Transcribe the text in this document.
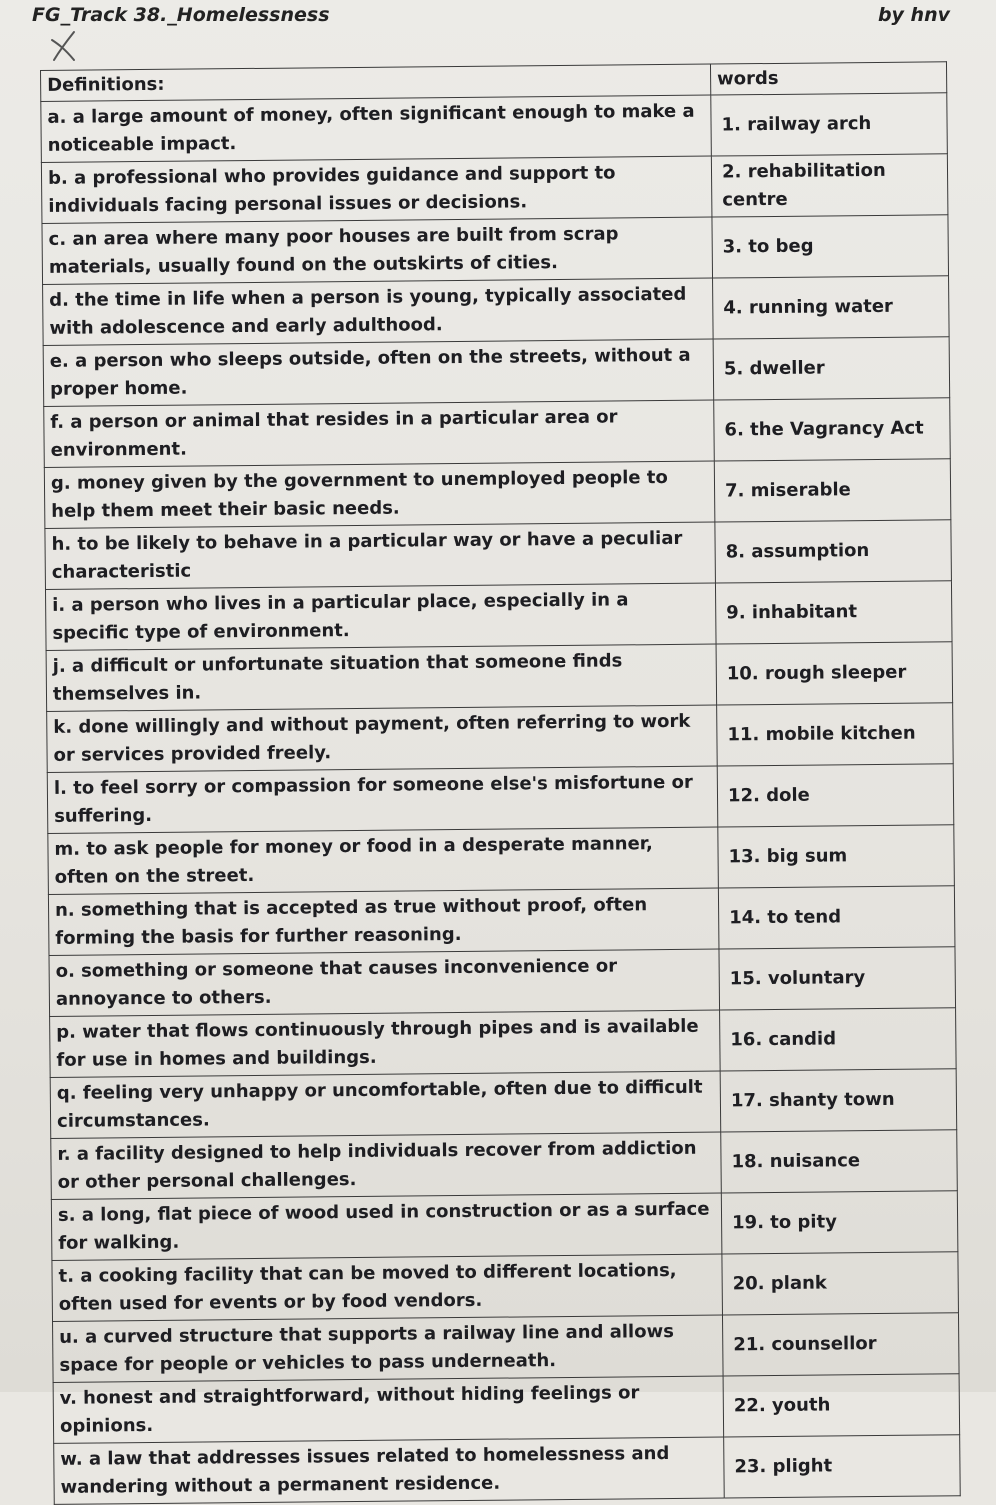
FG_Track 38._Homelessness	by hnv
Definitions:	words
a. a large amount of money, often significant enough to make a noticeable impact.	1. railway arch
b. a professional who provides guidance and support to individuals facing personal issues or decisions.	2. rehabilitation centre
c. an area where many poor houses are built from scrap materials, usually found on the outskirts of cities.	3. to beg
d. the time in life when a person is young, typically associated with adolescence and early adulthood.	4. running water
e. a person who sleeps outside, often on the streets, without a proper home.	5. dweller
f. a person or animal that resides in a particular area or environment.	6. the Vagrancy Act
g. money given by the government to unemployed people to help them meet their basic needs.	7. miserable
h. to be likely to behave in a particular way or have a peculiar characteristic	8. assumption
i. a person who lives in a particular place, especially in a specific type of environment.	9. inhabitant
j. a difficult or unfortunate situation that someone finds themselves in.	10. rough sleeper
k. done willingly and without payment, often referring to work or services provided freely.	11. mobile kitchen
l. to feel sorry or compassion for someone else's misfortune or suffering.	12. dole
m. to ask people for money or food in a desperate manner, often on the street.	13. big sum
n. something that is accepted as true without proof, often forming the basis for further reasoning.	14. to tend
o. something or someone that causes inconvenience or annoyance to others.	15. voluntary
p. water that flows continuously through pipes and is available for use in homes and buildings.	16. candid
q. feeling very unhappy or uncomfortable, often due to difficult circumstances.	17. shanty town
r. a facility designed to help individuals recover from addiction or other personal challenges.	18. nuisance
s. a long, flat piece of wood used in construction or as a surface for walking.	19. to pity
t. a cooking facility that can be moved to different locations, often used for events or by food vendors.	20. plank
u. a curved structure that supports a railway line and allows space for people or vehicles to pass underneath.	21. counsellor
v. honest and straightforward, without hiding feelings or opinions.	22. youth
w. a law that addresses issues related to homelessness and wandering without a permanent residence.	23. plight
